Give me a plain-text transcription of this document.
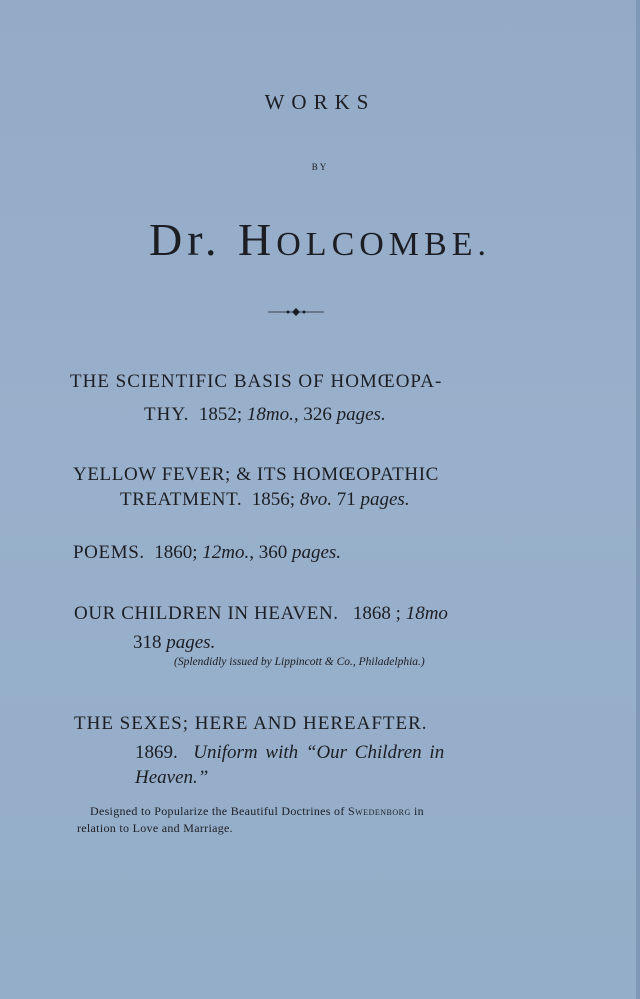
WORKS
BY
Dr. HOLCOMBE.
THE SCIENTIFIC BASIS OF HOMŒOPA-
THY. 1852; 18mo., 326 pages.
YELLOW FEVER; & ITS HOMŒOPATHIC
TREATMENT. 1856; 8vo. 71 pages.
POEMS. 1860; 12mo., 360 pages.
OUR CHILDREN IN HEAVEN. 1868 ; 18mo
318 pages.
(Splendidly issued by Lippincott & Co., Philadelphia.)
THE SEXES; HERE AND HEREAFTER.
1869. Uniform with “Our Children in
Heaven.”
Designed to Popularize the Beautiful Doctrines of Swedenborg in
relation to Love and Marriage.
